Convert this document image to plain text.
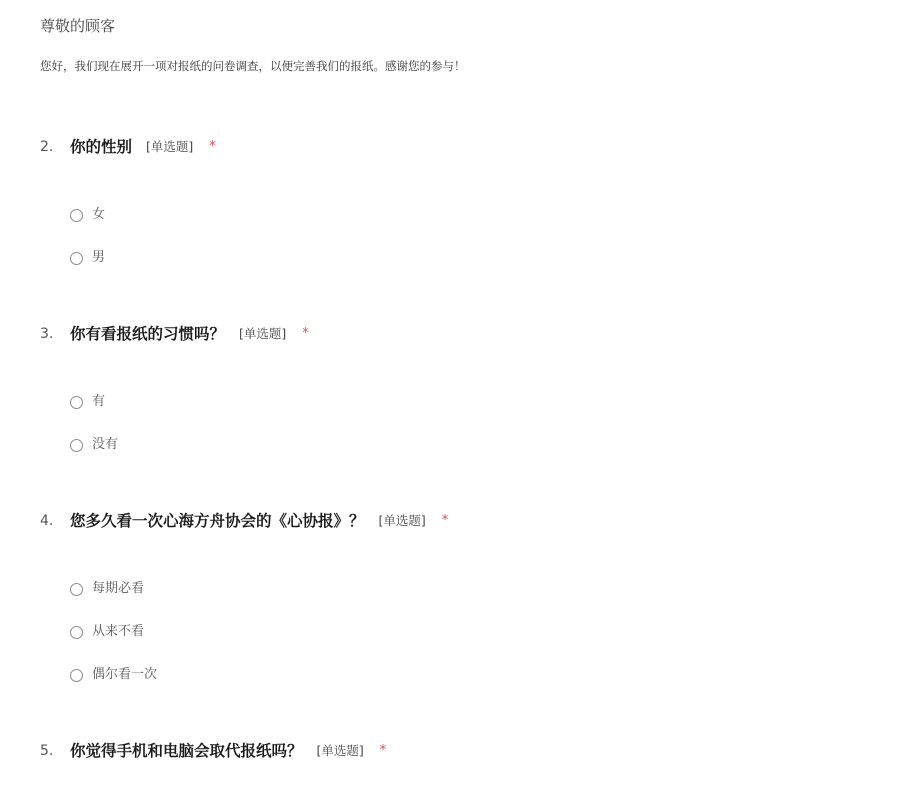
尊敬的顾客
您好，我们现在展开一项对报纸的问卷调查，以便完善我们的报纸。感谢您的参与！
2. 你的性别 [单选题] *
女
男
3. 你有看报纸的习惯吗？ [单选题] *
有
没有
4. 您多久看一次心海方舟协会的《心协报》？ [单选题] *
每期必看
从来不看
偶尔看一次
5. 你觉得手机和电脑会取代报纸吗？ [单选题] *
